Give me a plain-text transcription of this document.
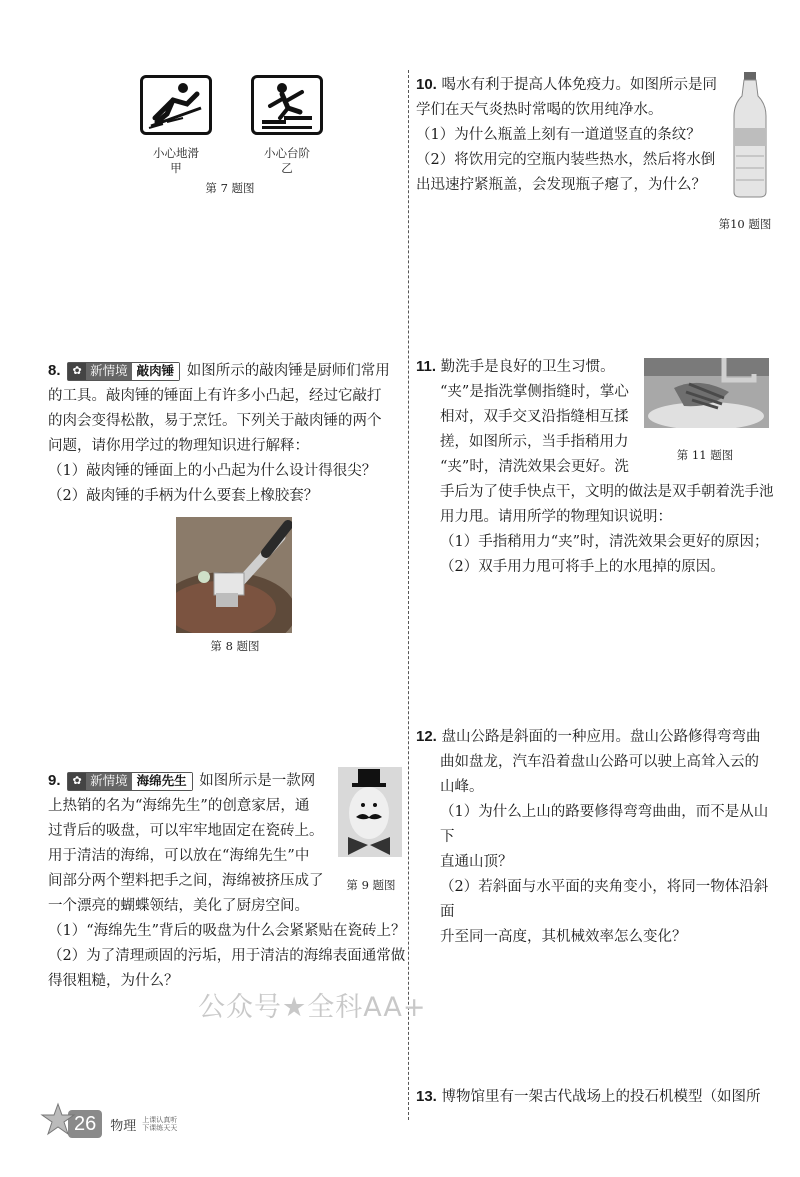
小心地滑
甲
小心台阶
乙
第 7 题图

8.	✿ 新情境 敲肉锤 如图所示的敲肉锤是厨师们常用

的工具。敲肉锤的锤面上有许多小凸起，经过它敲打

的肉会变得松散，易于烹饪。下列关于敲肉锤的两个

问题，请你用学过的物理知识进行解释：

（1）敲肉锤的锤面上的小凸起为什么设计得很尖？

（2）敲肉锤的手柄为什么要套上橡胶套？

第 8 题图

9.	✿ 新情境 海绵先生 如图所示是一款网

上热销的名为“海绵先生”的创意家居，通

过背后的吸盘，可以牢牢地固定在瓷砖上。

用于清洁的海绵，可以放在“海绵先生”中

间部分两个塑料把手之间，海绵被挤压成了

一个漂亮的蝴蝶领结，美化了厨房空间。

（1）“海绵先生”背后的吸盘为什么会紧紧贴在瓷砖上？

（2）为了清理顽固的污垢，用于清洁的海绵表面通常做

得很粗糙，为什么？

第 9 题图

10. 喝水有利于提高人体免疫力。如图所示是同

学们在天气炎热时常喝的饮用纯净水。

（1）为什么瓶盖上刻有一道道竖直的条纹？

（2）将饮用完的空瓶内装些热水，然后将水倒

出迅速拧紧瓶盖，会发现瓶子瘪了，为什么？

第10 题图

11. 勤洗手是良好的卫生习惯。

“夹”是指洗掌侧指缝时，掌心

相对，双手交叉沿指缝相互揉

搓，如图所示，当手指稍用力

“夹”时，清洗效果会更好。洗

手后为了使手快点干，文明的做法是双手朝着洗手池

用力甩。请用所学的物理知识说明：

（1）手指稍用力“夹”时，清洗效果会更好的原因；

（2）双手用力甩可将手上的水甩掉的原因。

第 11 题图

12. 盘山公路是斜面的一种应用。盘山公路修得弯弯曲

曲如盘龙，汽车沿着盘山公路可以驶上高耸入云的

山峰。

（1）为什么上山的路要修得弯弯曲曲，而不是从山下

直通山顶？

（2）若斜面与水平面的夹角变小，将同一物体沿斜面

升至同一高度，其机械效率怎么变化？

13. 博物馆里有一架古代战场上的投石机模型（如图所

公众号★全科AA+
26	物理 上课认真听
下课练天天
